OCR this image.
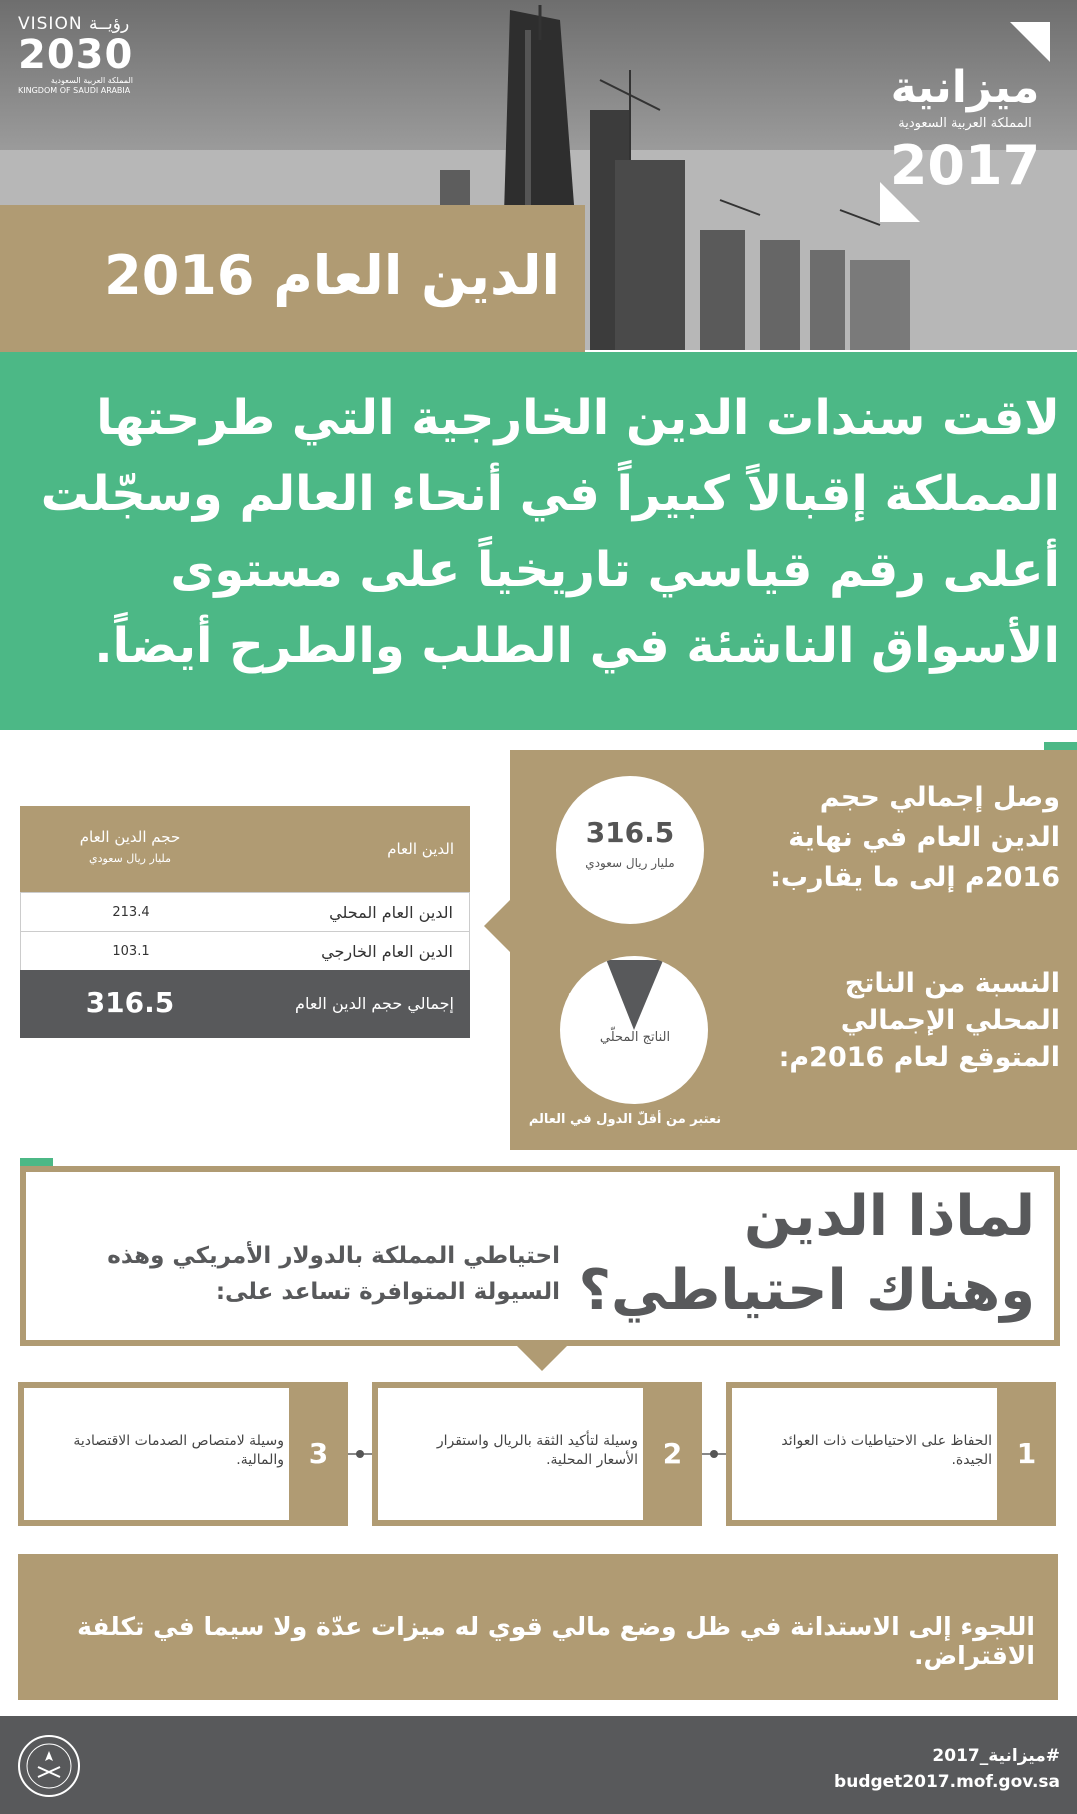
ميزانية
المملكة العربية السعودية
2017
VISION رؤيــة
2030
المملكة العربية السعودية
KINGDOM OF SAUDI ARABIA
الدين العام 2016
لاقت سندات الدين الخارجية التي طرحتها المملكة إقبالاً كبيراً في أنحاء العالم وسجّلت أعلى رقم قياسي تاريخياً على مستوى الأسواق الناشئة في الطلب والطرح أيضاً.
وصل إجمالي حجم الدين العام في نهاية 2016م إلى ما يقارب:
316.5
مليار ريال سعودي
النسبة من الناتج المحلي الإجمالي المتوقع لعام 2016م:
12.3%
الناتج المحلّي
نعتبر من أقلّ الدول في العالم
الدين العام
حجم الدين العام
مليار ريال سعودي
الدين العام المحلي
213.4
الدين العام الخارجي
103.1
إجمالي حجم الدين العام
316.5
لماذا الدين
وهناك احتياطي؟
احتياطي المملكة بالدولار الأمريكي وهذه السيولة المتوافرة تساعد على:
الحفاظ على الاحتياطيات ذات العوائد الجيدة. 1
وسيلة لتأكيد الثقة بالريال واستقرار الأسعار المحلية. 2
وسيلة لامتصاص الصدمات الاقتصادية والمالية. 3
اللجوء إلى الاستدانة في ظل وضع مالي قوي له ميزات عدّة ولا سيما في تكلفة الاقتراض.
#ميزانية_2017
budget2017.mof.gov.sa
